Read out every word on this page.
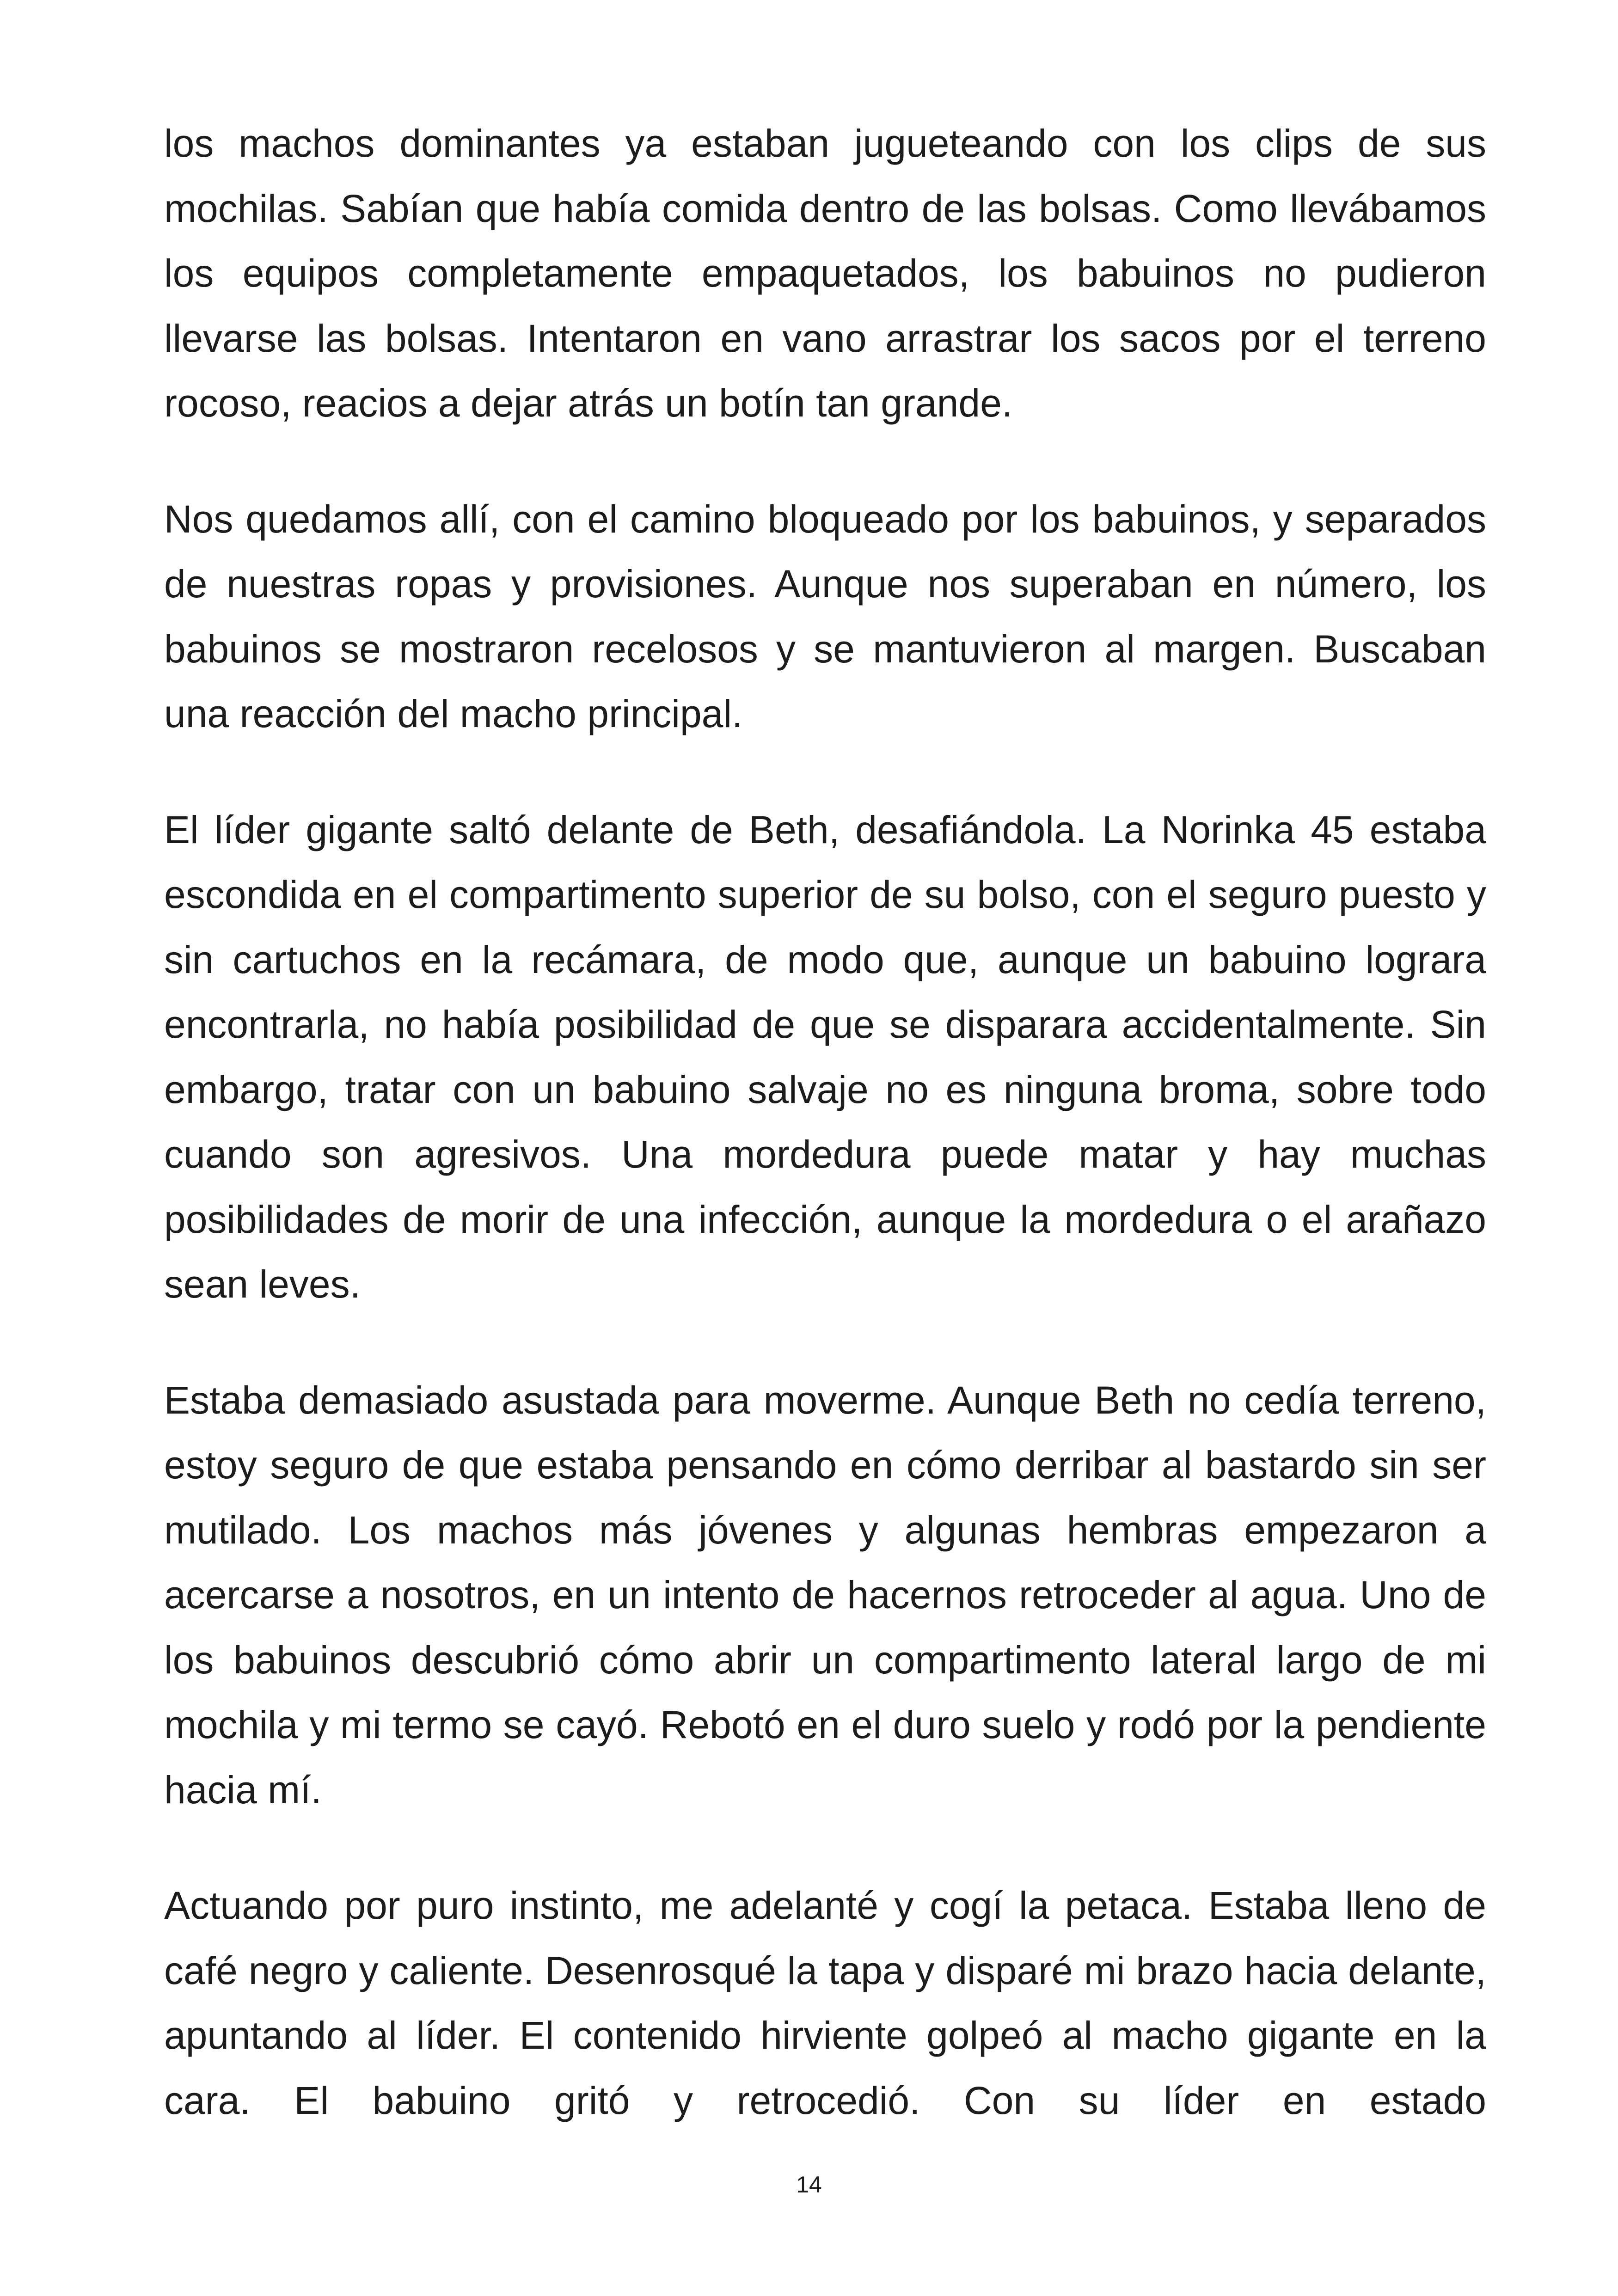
los machos dominantes ya estaban jugueteando con los clips de sus mochilas. Sabían que había comida dentro de las bolsas. Como llevábamos los equipos completamente empaquetados, los babuinos no pudieron llevarse las bolsas. Intentaron en vano arrastrar los sacos por el terreno rocoso, reacios a dejar atrás un botín tan grande.

Nos quedamos allí, con el camino bloqueado por los babuinos, y separados de nuestras ropas y provisiones. Aunque nos superaban en número, los babuinos se mostraron recelosos y se mantuvieron al margen. Buscaban una reacción del macho principal.

El líder gigante saltó delante de Beth, desafiándola. La Norinka 45 estaba escondida en el compartimento superior de su bolso, con el seguro puesto y sin cartuchos en la recámara, de modo que, aunque un babuino lograra encontrarla, no había posibilidad de que se disparara accidentalmente. Sin embargo, tratar con un babuino salvaje no es ninguna broma, sobre todo cuando son agresivos. Una mordedura puede matar y hay muchas posibilidades de morir de una infección, aunque la mordedura o el arañazo sean leves.

Estaba demasiado asustada para moverme. Aunque Beth no cedía terreno, estoy seguro de que estaba pensando en cómo derribar al bastardo sin ser mutilado. Los machos más jóvenes y algunas hembras empezaron a acercarse a nosotros, en un intento de hacernos retroceder al agua. Uno de los babuinos descubrió cómo abrir un compartimento lateral largo de mi mochila y mi termo se cayó. Rebotó en el duro suelo y rodó por la pendiente hacia mí.

Actuando por puro instinto, me adelanté y cogí la petaca. Estaba lleno de café negro y caliente. Desenrosqué la tapa y disparé mi brazo hacia delante, apuntando al líder. El contenido hirviente golpeó al macho gigante en la cara. El babuino gritó y retrocedió. Con su líder en estado

14
